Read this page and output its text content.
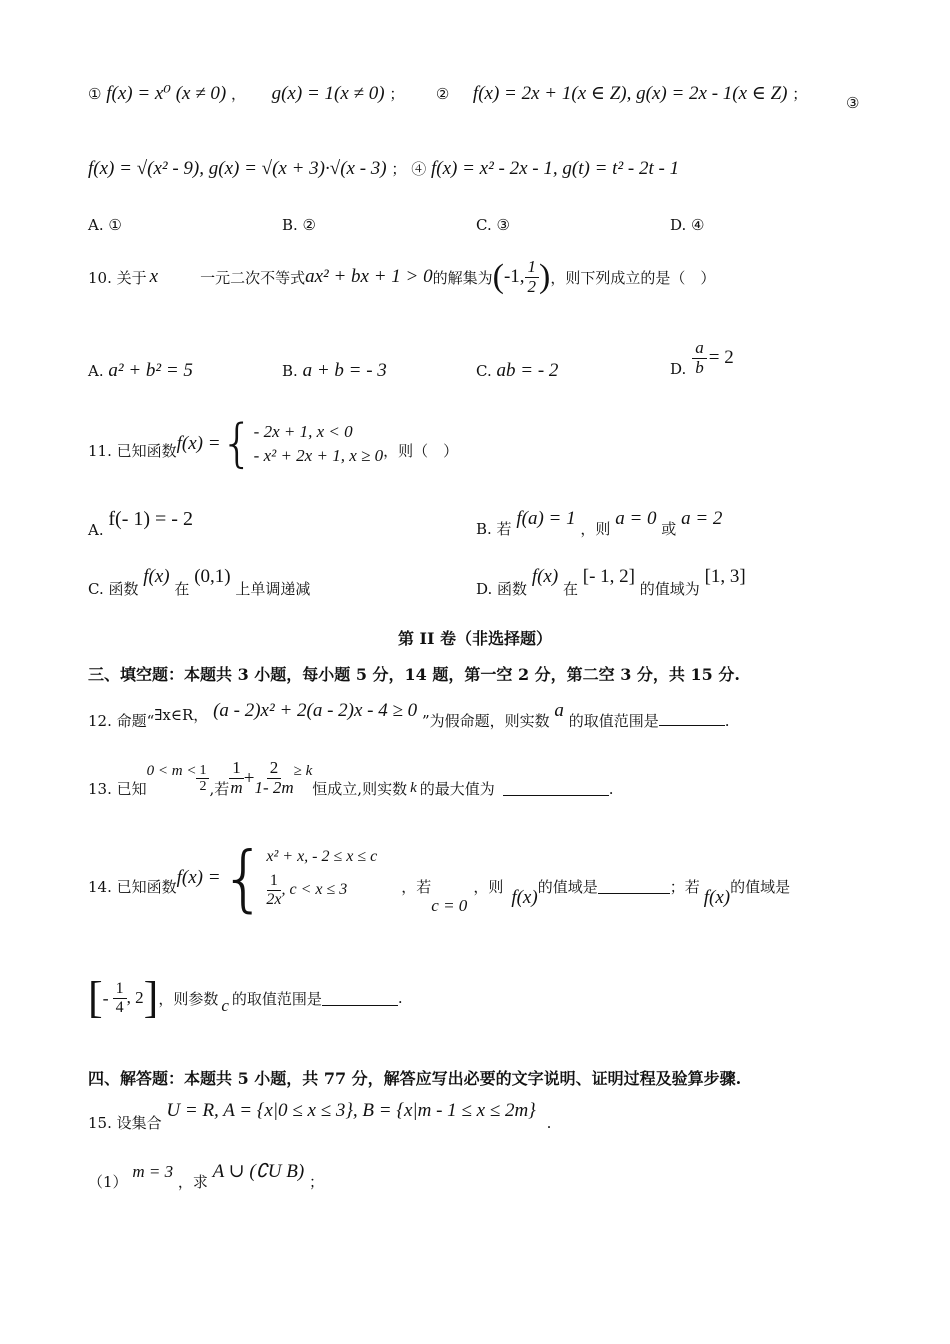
① f(x) = x⁰ (x ≠ 0) ， g(x) = 1(x ≠ 0) ； ② f(x) = 2x + 1(x ∈ Z), g(x) = 2x - 1(x ∈ Z) ；	③
f(x) = √(x² - 9), g(x) = √(x + 3)·√(x - 3) ； ④ f(x) = x² - 2x - 1, g(t) = t² - 2t - 1
A. ①	B. ②	C. ③	D. ④
10. 关于 x	一元二次不等式 ax² + bx + 1 > 0 的解集为 ( -1, $\frac{1}{2}$ ) ，则下列成立的是（　）
A. a² + b² = 5	B. a + b = - 3	C. ab = - 2	D. $\frac{a}{b} = 2$
11. 已知函数 f(x) = { - 2x + 1, x < 0
- x² + 2x + 1, x ≥ 0 ，则（　）
A. f(- 1) = - 2	B. 若 f(a) = 1 ，则 a = 0 或 a = 2
C. 函数 f(x) 在 (0,1) 上单调递减	D. 函数 f(x) 在 [- 1, 2] 的值域为 [1, 3]
第 II 卷（非选择题）
三、填空题：本题共 3 小题，每小题 5 分，14 题，第一空 2 分，第二空 3 分，共 15 分.
12. 命题“∃x∈R， (a - 2)x² + 2(a - 2)x - 4 ≥ 0 ”为假命题，则实数 a 的取值范围是	.
13. 已知
$0 < m < \frac{1}{2}$ ,若 $\frac{1}{m} + \frac{2}{1- 2m} \ge k$
恒成立,则实数 k 的最大值为	.
14. 已知函数 f(x) = { x² + x, - 2 ≤ x ≤ c
$\frac{1}{2x}$ , c < x ≤ 3	，若
c = 0
，则
f(x)
的值域是	；若
f(x)
的值域是
[ - $\frac{1}{4}$ , 2 ] ，则参数 c 的取值范围是	.
四、解答题：本题共 5 小题，共 77 分，解答应写出必要的文字说明、证明过程及验算步骤.
15. 设集合 U = R, A = {x|0 ≤ x ≤ 3}, B = {x|m - 1 ≤ x ≤ 2m} .
（1） m = 3 ，求 A ∪ (∁U B) ；
